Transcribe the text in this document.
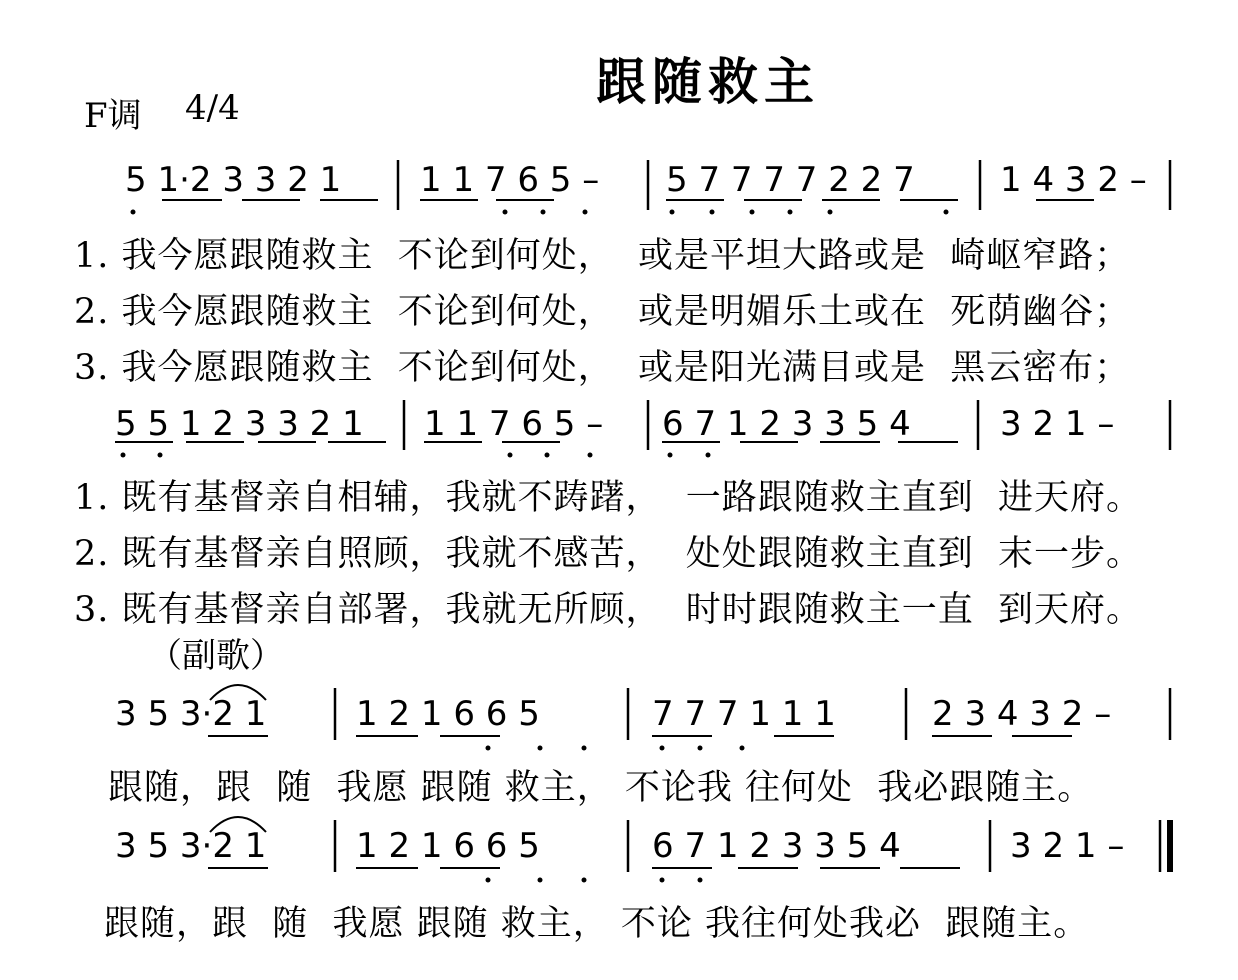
跟随救主
F调 4/4
5 1·2 3 3 2 1 1 1 7 6 5 – 5 7 7 7 7 2 2 7	1 4 3 2 –
1. 我今愿跟随救主  不论到何处，  或是平坦大路或是  崎岖窄路；
2. 我今愿跟随救主  不论到何处，  或是明媚乐土或在  死荫幽谷；
3. 我今愿跟随救主  不论到何处，  或是阳光满目或是  黑云密布；
5 5 1 2 3 3 2 1 1 1 7 6 5 – 6 7 1 2 3 3 5 4	3 2 1 –
1. 既有基督亲自相辅，我就不踌躇，  一路跟随救主直到  进天府。
2. 既有基督亲自照顾，我就不感苦，  处处跟随救主直到  末一步。
3. 既有基督亲自部署，我就无所顾，  时时跟随救主一直  到天府。
（副歌）
3 5 3·2 1	1 2 1 6 6 5	7 7 7 1 1 1	2 3 4 3 2 –
跟随，跟  随  我愿 跟随 救主， 不论我 往何处  我必跟随主。
3 5 3·2 1	1 2 1 6 6 5	6 7 1 2 3 3 5 4	3 2 1 –
跟随，跟  随  我愿 跟随 救主， 不论 我往何处我必  跟随主。
